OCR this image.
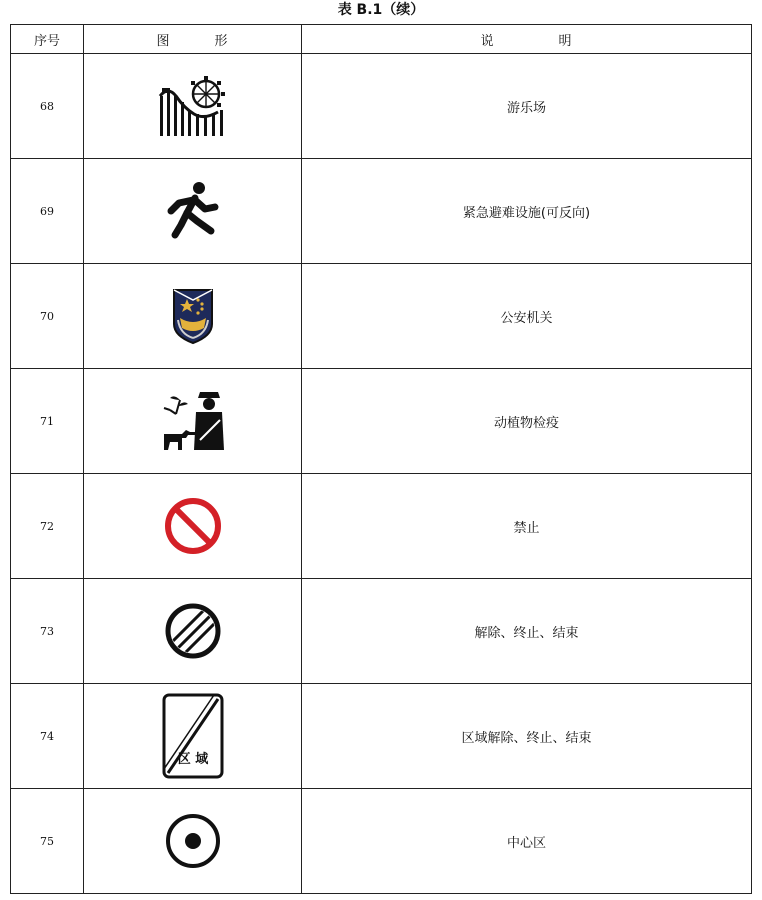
表 B.1（续）
序号	图 形	说 明
68		游乐场
69		紧急避难设施(可反向)
70		公安机关
71		动植物检疫
72		禁止
73		解除、终止、结束
74	区 域	区域解除、终止、结束
75		中心区
